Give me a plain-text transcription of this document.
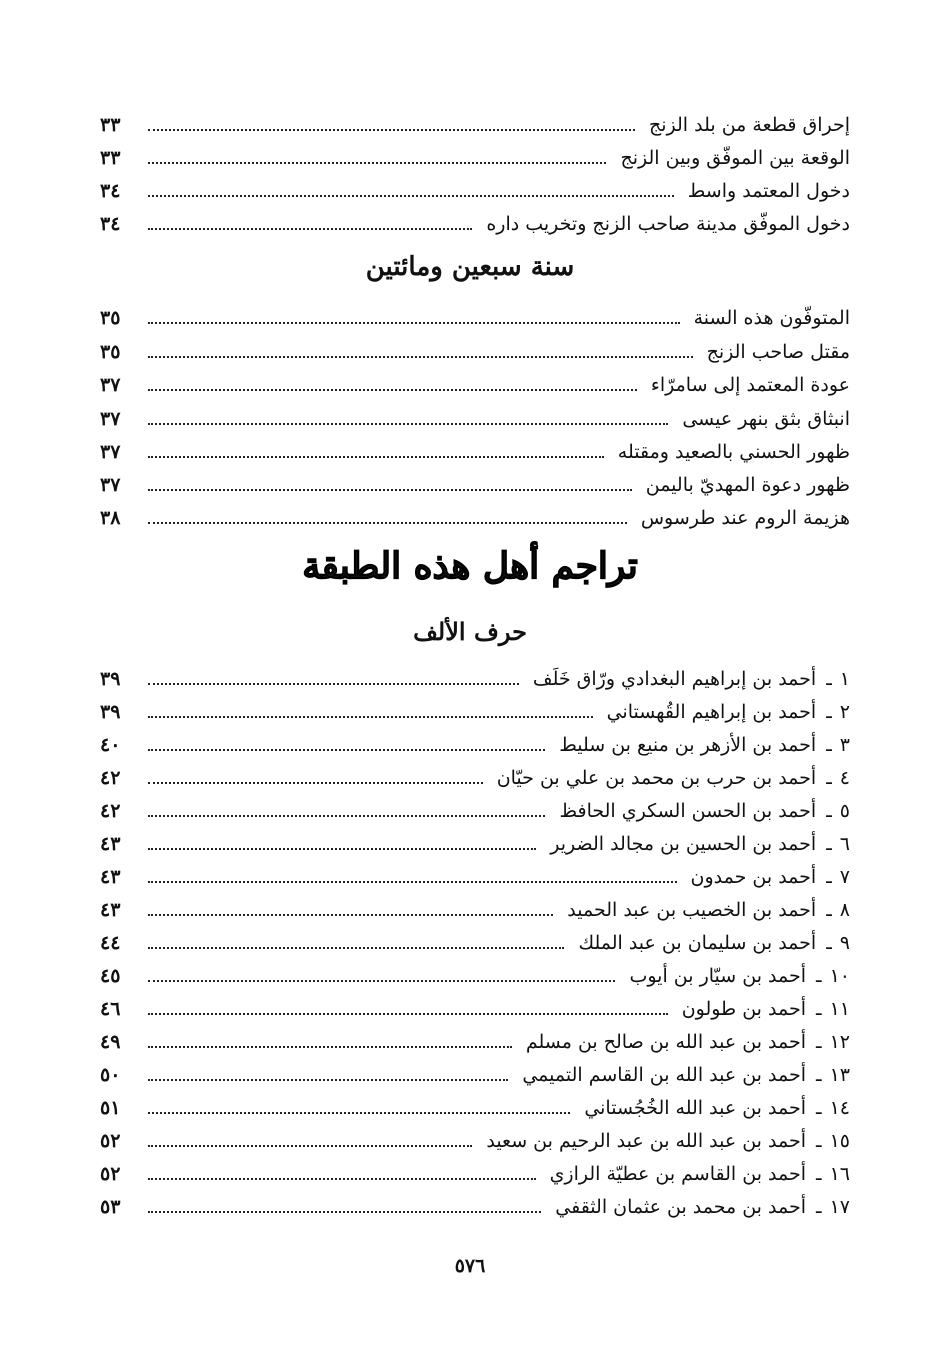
إحراق قطعة من بلد الزنج
٣٣
الوقعة بين الموفّق وبين الزنج
٣٣
دخول المعتمد واسط
٣٤
دخول الموفّق مدينة صاحب الزنج وتخريب داره
٣٤
سنة سبعين ومائتين
المتوفّون هذه السنة
٣٥
مقتل صاحب الزنج
٣٥
عودة المعتمد إلى سامرّاء
٣٧
انبثاق بثق بنهر عيسى
٣٧
ظهور الحسني بالصعيد ومقتله
٣٧
ظهور دعوة المهديّ باليمن
٣٧
هزيمة الروم عند طرسوس
٣٨
تراجم أهل هذه الطبقة
حرف الألف
١
ـ
أحمد بن إبراهيم البغدادي ورّاق خَلَف
٣٩
٢
ـ
أحمد بن إبراهيم القُهستاني
٣٩
٣
ـ
أحمد بن الأزهر بن منيع بن سليط
٤٠
٤
ـ
أحمد بن حرب بن محمد بن علي بن حيّان
٤٢
٥
ـ
أحمد بن الحسن السكري الحافظ
٤٢
٦
ـ
أحمد بن الحسين بن مجالد الضرير
٤٣
٧
ـ
أحمد بن حمدون
٤٣
٨
ـ
أحمد بن الخصيب بن عبد الحميد
٤٣
٩
ـ
أحمد بن سليمان بن عبد الملك
٤٤
١٠
ـ
أحمد بن سيّار بن أيوب
٤٥
١١
ـ
أحمد بن طولون
٤٦
١٢
ـ
أحمد بن عبد الله بن صالح بن مسلم
٤٩
١٣
ـ
أحمد بن عبد الله بن القاسم التميمي
٥٠
١٤
ـ
أحمد بن عبد الله الخُجُستاني
٥١
١٥
ـ
أحمد بن عبد الله بن عبد الرحيم بن سعيد
٥٢
١٦
ـ
أحمد بن القاسم بن عطيّة الرازي
٥٢
١٧
ـ
أحمد بن محمد بن عثمان الثقفي
٥٣
٥٧٦
